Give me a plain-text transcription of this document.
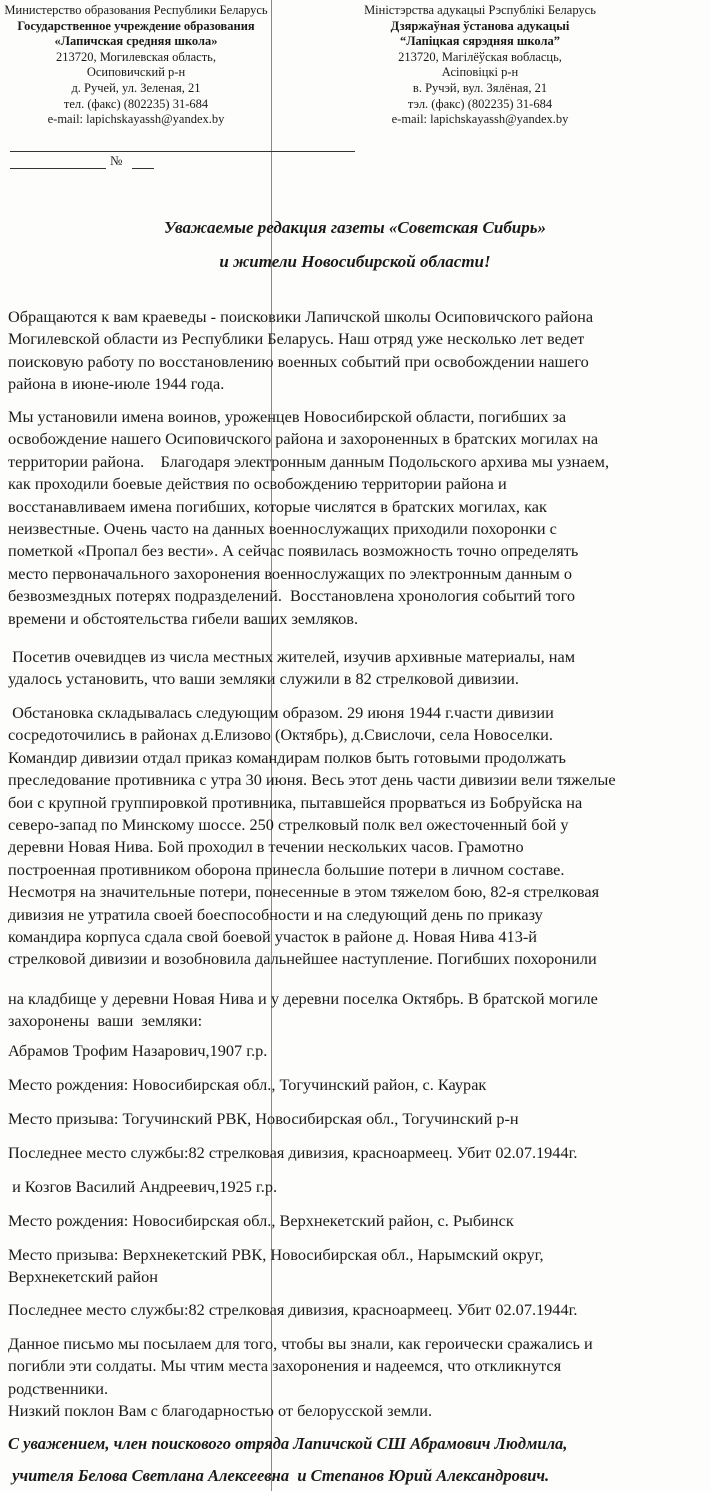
Министерство образования Республики Беларусь
Государственное учреждение образования
«Лапичская средняя школа»
213720, Могилевская область,
Осиповичский р-н
д. Ручей, ул. Зеленая, 21
тел. (факс) (802235) 31-684
e-mail: lapichskayassh@yandex.by
Мiнiстэрства адукацыi Рэспублiкi Беларусь
Дзяржаўная ўстанова адукацыi
“Лапiцкая сярэдняя школа”
213720, Магiлёўская вобласць,
Асiповiцкi р-н
в. Ручэй, вул. Зялёная, 21
тэл. (факс) (802235) 31-684
e-mail: lapichskayassh@yandex.by
№
Уважаемые редакция газеты «Советская Сибирь»
и жители Новосибирской области!

Обращаются к вам краеведы - поисковики Лапичской школы Осиповичского района

Могилевской области из Республики Беларусь. Наш отряд уже несколько лет ведет

поисковую работу по восстановлению военных событий при освобождении нашего

района в июне-июле 1944 года.

Мы установили имена воинов, уроженцев Новосибирской области, погибших за

освобождение нашего Осиповичского района и захороненных в братских могилах на

территории района.    Благодаря электронным данным Подольского архива мы узнаем,

как проходили боевые действия по освобождению территории района и

восстанавливаем имена погибших, которые числятся в братских могилах, как

неизвестные. Очень часто на данных военнослужащих приходили похоронки с

пометкой «Пропал без вести». А сейчас появилась возможность точно определять

место первоначального захоронения военнослужащих по электронным данным о

безвозмездных потерях подразделений.  Восстановлена хронология событий того

времени и обстоятельства гибели ваших земляков.

Посетив очевидцев из числа местных жителей, изучив архивные материалы, нам

удалось установить, что ваши земляки служили в 82 стрелковой дивизии.

Обстановка складывалась следующим образом. 29 июня 1944 г.части дивизии

сосредоточились в районах д.Елизово (Октябрь), д.Свислочи, села Новоселки.

Командир дивизии отдал приказ командирам полков быть готовыми продолжать

преследование противника с утра 30 июня. Весь этот день части дивизии вели тяжелые

бои с крупной группировкой противника, пытавшейся прорваться из Бобруйска на

северо-запад по Минскому шоссе. 250 стрелковый полк вел ожесточенный бой у

деревни Новая Нива. Бой проходил в течении нескольких часов. Грамотно

построенная противником оборона принесла большие потери в личном составе.

Несмотря на значительные потери, понесенные в этом тяжелом бою, 82-я стрелковая

дивизия не утратила своей боеспособности и на следующий день по приказу

командира корпуса сдала свой боевой участок в районе д. Новая Нива 413-й

стрелковой дивизии и возобновила дальнейшее наступление. Погибших похоронили

на кладбище у деревни Новая Нива и у деревни поселка Октябрь. В братской могиле

захоронены  ваши  земляки:

Абрамов Трофим Назарович,1907 г.р.

Место рождения: Новосибирская обл., Тогучинский район, с. Каурак

Место призыва: Тогучинский РВК, Новосибирская обл., Тогучинский р-н

Последнее место службы:82 стрелковая дивизия, красноармеец. Убит 02.07.1944г.

и Козгов Василий Андреевич,1925 г.р.

Место рождения: Новосибирская обл., Верхнекетский район, с. Рыбинск

Место призыва: Верхнекетский РВК, Новосибирская обл., Нарымский округ,

Верхнекетский район

Последнее место службы:82 стрелковая дивизия, красноармеец. Убит 02.07.1944г.

Данное письмо мы посылаем для того, чтобы вы знали, как героически сражались и

погибли эти солдаты. Мы чтим места захоронения и надеемся, что откликнутся

родственники.

Низкий поклон Вам с благодарностью от белорусской земли.

С уважением, член поискового отряда Лапичской СШ Абрамович Людмила,
учителя Белова Светлана Алексеевна  и Степанов Юрий Александрович.
